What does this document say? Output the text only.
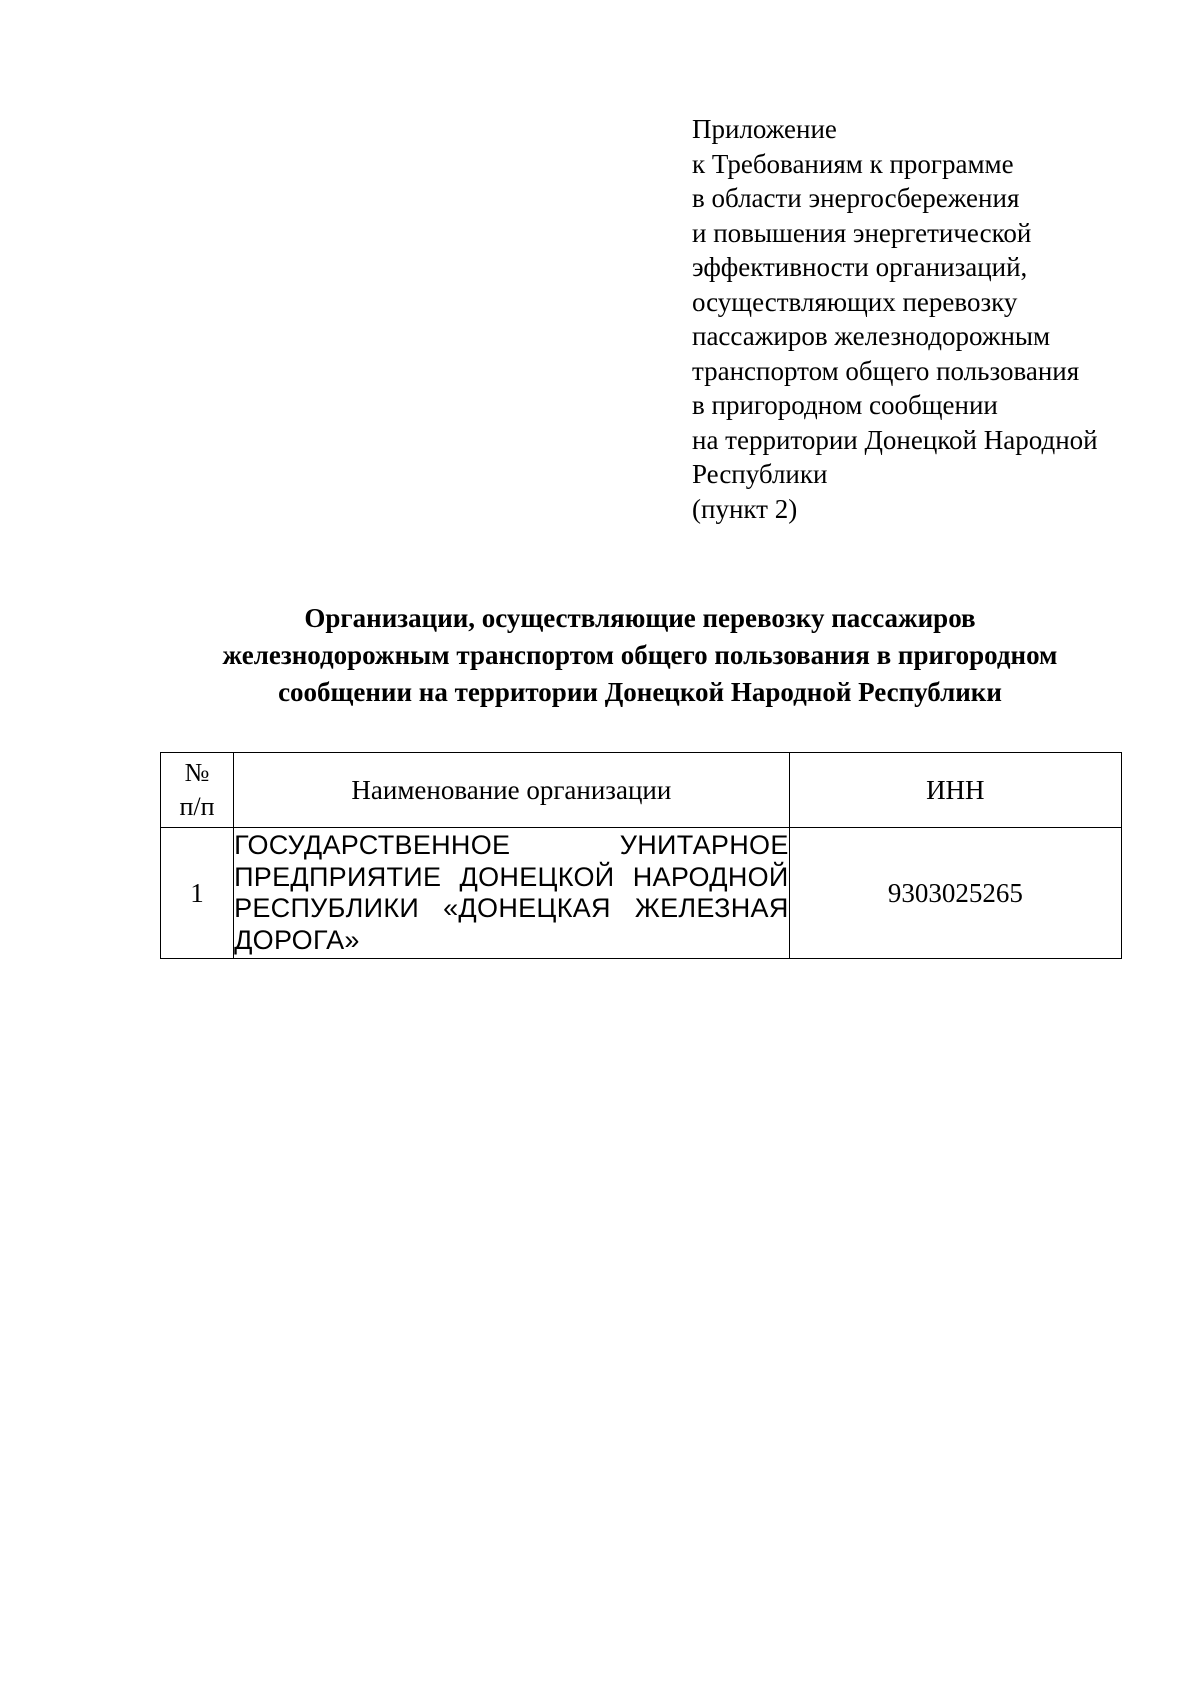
Приложение
к Требованиям к программе
в области энергосбережения
и повышения энергетической
эффективности организаций,
осуществляющих перевозку
пассажиров железнодорожным
транспортом общего пользования
в пригородном сообщении
на территории Донецкой Народной
Республики
(пункт 2)
Организации, осуществляющие перевозку пассажиров
железнодорожным транспортом общего пользования в пригородном
сообщении на территории Донецкой Народной Республики
№
п/п	Наименование организации	ИНН
1	ГОСУДАРСТВЕННОЕ УНИТАРНОЕ ПРЕДПРИЯТИЕ ДОНЕЦКОЙ НАРОДНОЙ РЕСПУБЛИКИ «ДОНЕЦКАЯ ЖЕЛЕЗНАЯ ДОРОГА»	9303025265
